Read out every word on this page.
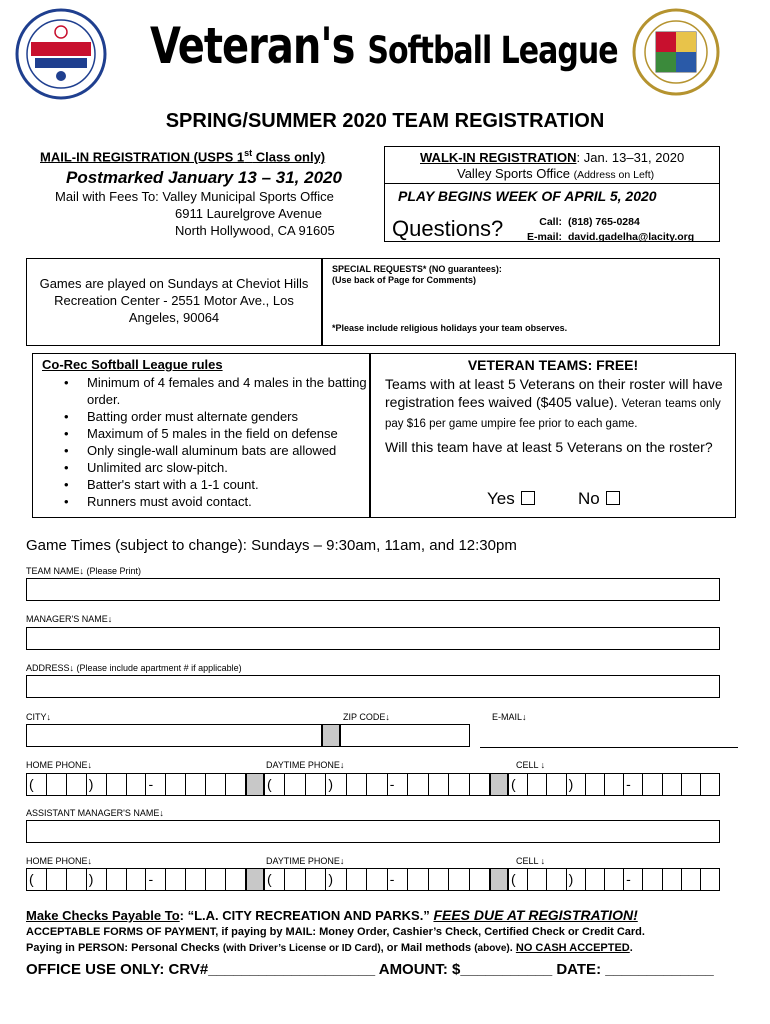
Veteran's Softball League
SPRING/SUMMER 2020 TEAM REGISTRATION
MAIL-IN REGISTRATION (USPS 1st Class only)
Postmarked January 13 – 31, 2020
Mail with Fees To: Valley Municipal Sports Office
6911 Laurelgrove Avenue
North Hollywood, CA 91605
WALK-IN REGISTRATION: Jan. 13–31, 2020
Valley Sports Office (Address on Left)
PLAY BEGINS WEEK OF APRIL 5, 2020
Questions?	Call:	(818) 765-0284
E-mail:	david.gadelha@lacity.org
Games are played on Sundays at Cheviot Hills Recreation Center - 2551 Motor Ave., Los Angeles, 90064
SPECIAL REQUESTS* (NO guarantees):
(Use back of Page for Comments)
*Please include religious holidays your team observes.
Co-Rec Softball League rules
• Minimum of 4 females and 4 males in the batting order.
• Batting order must alternate genders
• Maximum of 5 males in the field on defense
• Only single-wall aluminum bats are allowed
• Unlimited arc slow-pitch.
• Batter's start with a 1-1 count.
• Runners must avoid contact.
VETERAN TEAMS: FREE!
Teams with at least 5 Veterans on their roster will have registration fees waived ($405 value). Veteran teams only pay $16 per game umpire fee prior to each game.
Will this team have at least 5 Veterans on the roster?
Yes	No
Game Times (subject to change): Sundays – 9:30am, 11am, and 12:30pm
TEAM NAME↓ (Please Print)
MANAGER'S NAME↓
ADDRESS↓ (Please include apartment # if applicable)
CITY↓	ZIP CODE↓	E-MAIL↓
HOME PHONE↓	DAYTIME PHONE↓	CELL ↓
(	)	-	(	)	-	(	)	-
ASSISTANT MANAGER'S NAME↓
HOME PHONE↓	DAYTIME PHONE↓	CELL ↓
(	)	-	(	)	-	(	)	-
Make Checks Payable To: “L.A. CITY RECREATION AND PARKS.” FEES DUE AT REGISTRATION!
ACCEPTABLE FORMS OF PAYMENT, if paying by MAIL: Money Order, Cashier’s Check, Certified Check or Credit Card.
Paying in PERSON: Personal Checks (with Driver’s License or ID Card), or Mail methods (above). NO CASH ACCEPTED.
OFFICE USE ONLY: CRV#____________________ AMOUNT: $___________ DATE: _____________
